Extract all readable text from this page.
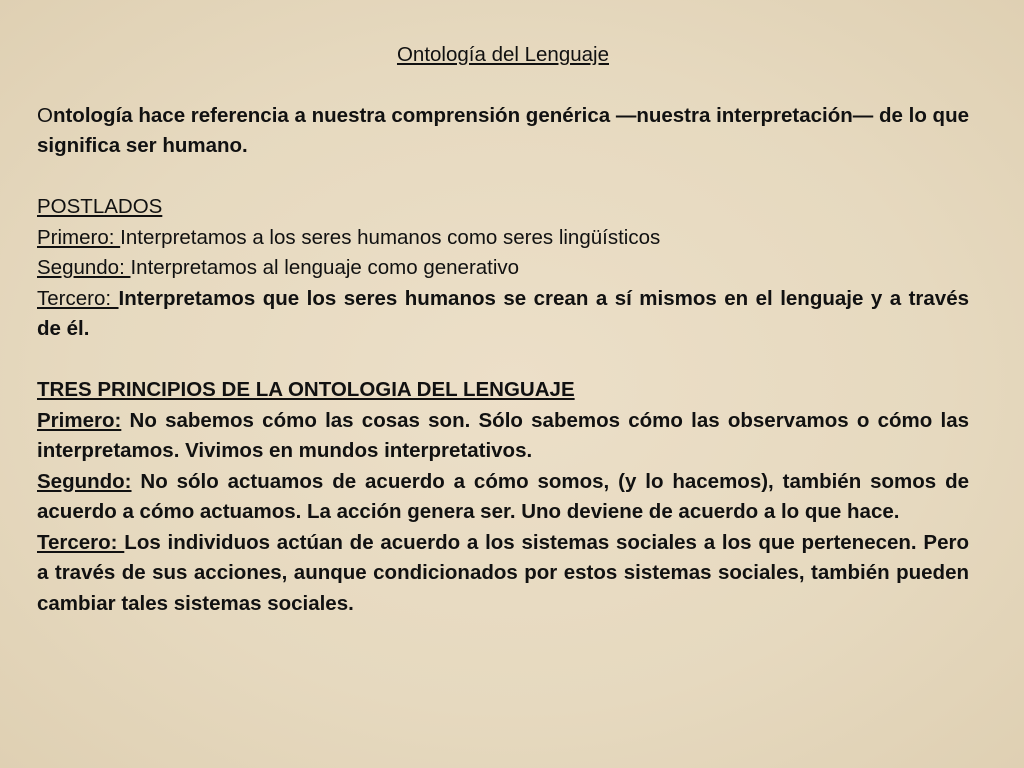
Ontología del Lenguaje

Ontología hace referencia a nuestra comprensión genérica —nuestra interpretación— de lo que significa ser humano.

POSTLADOS

Primero: Interpretamos a los seres humanos como seres lingüísticos

Segundo: Interpretamos al lenguaje como generativo

Tercero: Interpretamos que los seres humanos se crean a sí mismos en el lenguaje y a través de él.

TRES PRINCIPIOS DE LA ONTOLOGIA DEL LENGUAJE

Primero: No sabemos cómo las cosas son. Sólo sabemos cómo las observamos o cómo las interpretamos. Vivimos en mundos interpretativos.

Segundo: No sólo actuamos de acuerdo a cómo somos, (y lo hacemos), también somos de acuerdo a cómo actuamos. La acción genera ser. Uno deviene de acuerdo a lo que hace.

Tercero: Los individuos actúan de acuerdo a los sistemas sociales a los que pertenecen. Pero a través de sus acciones, aunque condicionados por estos sistemas sociales, también pueden cambiar tales sistemas sociales.
